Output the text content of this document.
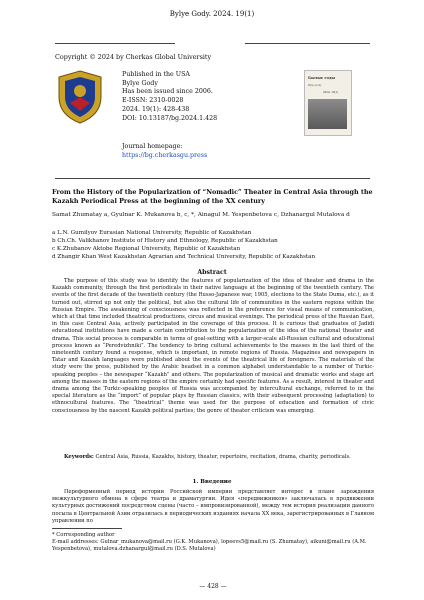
Bylye Gody. 2024. 19(1)
Copyright © 2024 by Cherkas Global University
Published in the USA
Bylye Gody
Has been issued since 2006.
E-ISSN: 2310-0028
2024. 19(1): 428-438
DOI: 10.13187/bg.2024.1.428
Journal homepage:
https://bg.cherkasgu.press
Былые годы
Bylye Gody
2024. 19(1)
From the History of the Popularization of “Nomadic” Theater in Central Asia through the Kazakh Periodical Press at the beginning of the XX century
Samat Zhumatay a, Gyulnar K. Mukanova b, c, *, Ainagul M. Yespenbetova c, Dzhanargul Mutalova d
a L.N. Gumilyov Eurasian National University, Republic of Kazakhstan
b Ch.Ch. Valikhanov Institute of History and Ethnology, Republic of Kazakhstan
c K.Zhubanov Aktobe Regional University, Republic of Kazakhstan
d Zhangir Khan West Kazakhstan Agrarian and Technical University, Republic of Kazakhstan
Abstract
The purpose of this study was to identify the features of popularization of the idea of theater and drama in the Kazakh community, through the first periodicals in their native language at the beginning of the twentieth century. The events of the first decade of the twentieth century (the Russo-Japanese war, 1905, elections to the State Duma, etc.), as it turned out, stirred up not only the political, but also the cultural life of communities in the eastern regions within the Russian Empire. The awakening of consciousness was reflected in the preference for visual means of communication, which at that time included theatrical productions, circus and musical evenings. The periodical press of the Russian East, in this case Central Asia, actively participated in the coverage of this process. It is curious that graduates of Jadidi educational institutions have made a certain contribution to the popularization of the idea of the national theater and drama. This social process is comparable in terms of goal-setting with a larger-scale all-Russian cultural and educational process known as “Peredvizhniki”. The tendency to bring cultural achievements to the masses in the last third of the nineteenth century found a response, which is important, in remote regions of Russia. Magazines and newspapers in Tatar and Kazakh languages were published about the events of the theatrical life of foreigners. The materials of the study were the press, published by the Arabic headset in a common alphabet understandable to a number of Turkic-speaking peoples – the newspaper “Kazakh” and others. The popularization of musical and dramatic works and stage art among the masses in the eastern regions of the empire certainly had specific features. As a result, interest in theater and drama among the Turkic-speaking peoples of Russia was accompanied by intercultural exchange, referred to in the special literature as the “import” of popular plays by Russian classics, with their subsequent processing (adaptation) to ethnocultural features. The “theatrical” theme was used for the purpose of education and formation of civic consciousness by the nascent Kazakh political parties; the genre of theater criticism was emerging.
Keywords: Central Asia, Russia, Kazakhs, history, theater, repertoire, recitation, drama, charity, periodicals.
1. Введение
Переформенный период истории Российской империи представляет интерес в плане зарождения межкультурного обмена в сфере театра и драматургии. Идея «передвижников» заключалась в продвижении культурных достижений посредством сцены (часто – импровизированной), между тем история реализации данного посыла в Центральной Азии отразилась в периодических изданиях начала XX века, зарегистрированных в Главном управлении по
* Corresponding author
E-mail addresses: Gulnar_mukanova@mail.ru (G.K. Mukanova), lopeevs5@mail.ru (S. Zhumatay), aikuni@mail.ru (A.M. Yespenbetova), mutalova.dzhanargul@mail.ru (D.S. Mutalova)
— 428 —
